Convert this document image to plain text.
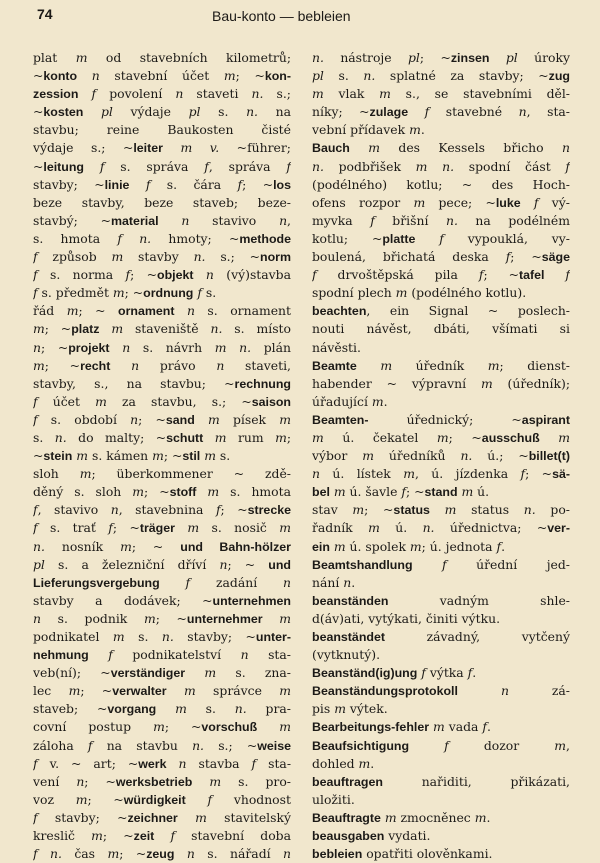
74	Bau-konto — bebleien
plat m od stavebních kilometrů;
~konto n stavební účet m; ~kon-
zession f povolení n staveti n. s.;
~kosten pl výdaje pl s. n. na
stavbu; reine Baukosten čisté
výdaje s.; ~leiter m v. ~führer;
~leitung f s. správa f, správa f
stavby; ~linie f s. čára f; ~los
beze stavby, beze staveb; beze-
stavbý; ~material n stavivo n,
s. hmota f n. hmoty; ~methode
f způsob m stavby n. s.; ~norm
f s. norma f; ~objekt n (vý)stavba
f s. předmět m; ~ordnung f s.
řád m; ~ ornament n s. ornament
m; ~platz m staveniště n. s. místo
n; ~projekt n s. návrh m n. plán
m; ~recht n právo n staveti,
stavby, s., na stavbu; ~rechnung
f účet m za stavbu, s.; ~saison
f s. období n; ~sand m písek m
s. n. do malty; ~schutt m rum m;
~stein m s. kámen m; ~stil m s.
sloh m; überkommener ~ zdě-
děný s. sloh m; ~stoff m s. hmota
f, stavivo n, stavebnina f; ~strecke
f s. trať f; ~träger m s. nosič m
n. nosník m; ~ und Bahn-hölzer
pl s. a železniční dříví n; ~ und
Lieferungsvergebung f zadání n
stavby a dodávek; ~unternehmen
n s. podnik m; ~unternehmer m
podnikatel m s. n. stavby; ~unter-
nehmung f podnikatelství n sta-
veb(ní); ~verständiger m s. zna-
lec m; ~verwalter m správce m
staveb; ~vorgang m s. n. pra-
covní postup m; ~vorschuß m
záloha f na stavbu n. s.; ~weise
f v. ~ art; ~werk n stavba f sta-
vení n; ~werksbetrieb m s. pro-
voz m; ~würdigkeit f vhodnost
f stavby; ~zeichner m stavitelský
kreslič m; ~zeit f stavební doba
f n. čas m; ~zeug n s. nářadí n
n. nástroje pl; ~zinsen pl úroky
pl s. n. splatné za stavby; ~zug
m vlak m s., se stavebními děl-
níky; ~zulage f stavebné n, sta-
vební přídavek m.
Bauch m des Kessels břicho n
n. podbřišek m n. spodní část f
(podélného) kotlu; ~ des Hoch-
ofens rozpor m pece; ~luke f vý-
myvka f břišní n. na podélném
kotlu; ~platte f vypouklá, vy-
boulená, břichatá deska f; ~säge
f drvoštěpská pila f; ~tafel f
spodní plech m (podélného kotlu).
beachten, ein Signal ~ poslech-
nouti návěst, dbáti, všímati si
návěsti.
Beamte m úředník m; dienst-
habender ~ výpravní m (úředník);
úřadující m.
Beamten- úřednický; ~aspirant
m ú. čekatel m; ~ausschuß m
výbor m úředníků n. ú.; ~billet(t)
n ú. lístek m, ú. jízdenka f; ~sä-
bel m ú. šavle f; ~stand m ú.
stav m; ~status m status n. po-
řadník m ú. n. úřednictva; ~ver-
ein m ú. spolek m; ú. jednota f.
Beamtshandlung f úřední jed-
nání n.
beanständen vadným shle-
d(áv)ati, vytýkati, činiti výtku.
beanständet závadný, vytčený
(vytknutý).
Beanständ(ig)ung f výtka f.
Beanständungsprotokoll	n zá-
pis m výtek.
Bearbeitungs-fehler m vada f.
Beaufsichtigung	f dozor m,
dohled m.
beauftragen nařiditi, přikázati,
uložiti.
Beauftragte m zmocněnec m.
beausgaben vydati.
bebleien opatřiti olověnkami.
